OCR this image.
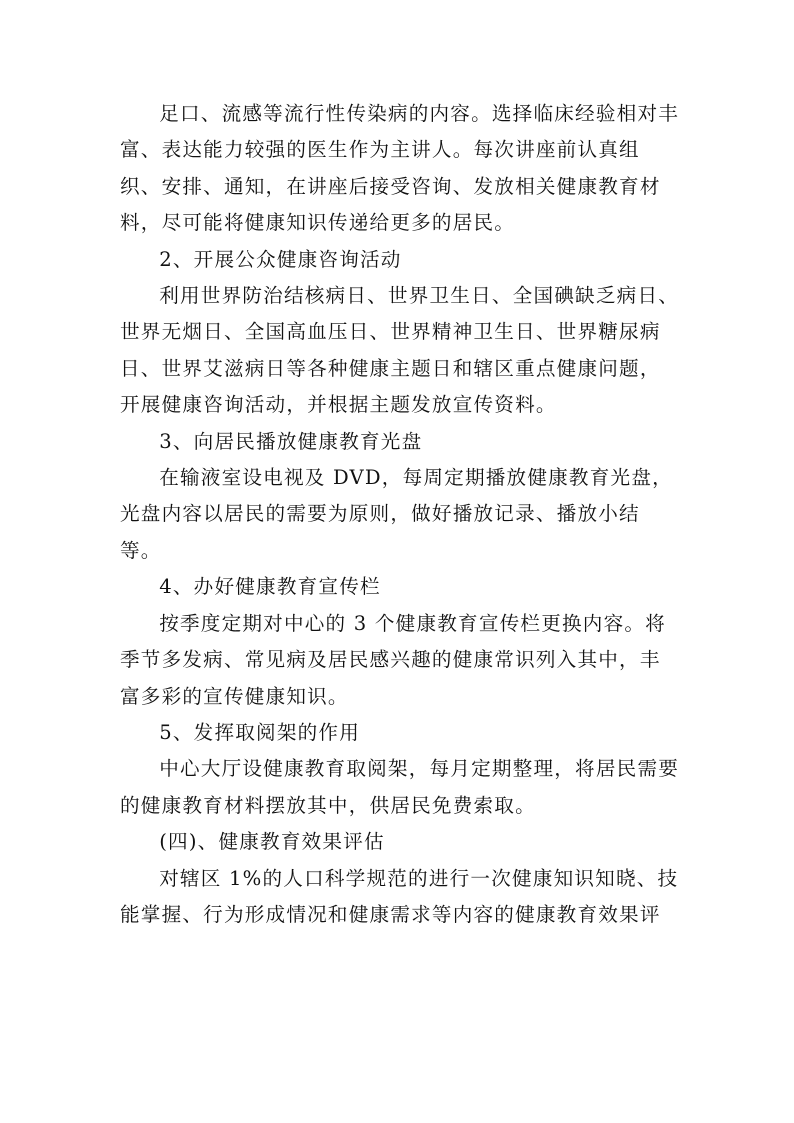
足口、流感等流行性传染病的内容。选择临床经验相对丰富、表达能力较强的医生作为主讲人。每次讲座前认真组织、安排、通知，在讲座后接受咨询、发放相关健康教育材料，尽可能将健康知识传递给更多的居民。

2、开展公众健康咨询活动

利用世界防治结核病日、世界卫生日、全国碘缺乏病日、世界无烟日、全国高血压日、世界精神卫生日、世界糖尿病日、世界艾滋病日等各种健康主题日和辖区重点健康问题，开展健康咨询活动，并根据主题发放宣传资料。

3、向居民播放健康教育光盘

在输液室设电视及 DVD，每周定期播放健康教育光盘，光盘内容以居民的需要为原则，做好播放记录、播放小结等。

4、办好健康教育宣传栏

按季度定期对中心的 3 个健康教育宣传栏更换内容。将季节多发病、常见病及居民感兴趣的健康常识列入其中，丰富多彩的宣传健康知识。

5、发挥取阅架的作用

中心大厅设健康教育取阅架，每月定期整理，将居民需要的健康教育材料摆放其中，供居民免费索取。

(四)、健康教育效果评估

对辖区 1%的人口科学规范的进行一次健康知识知晓、技能掌握、行为形成情况和健康需求等内容的健康教育效果评
